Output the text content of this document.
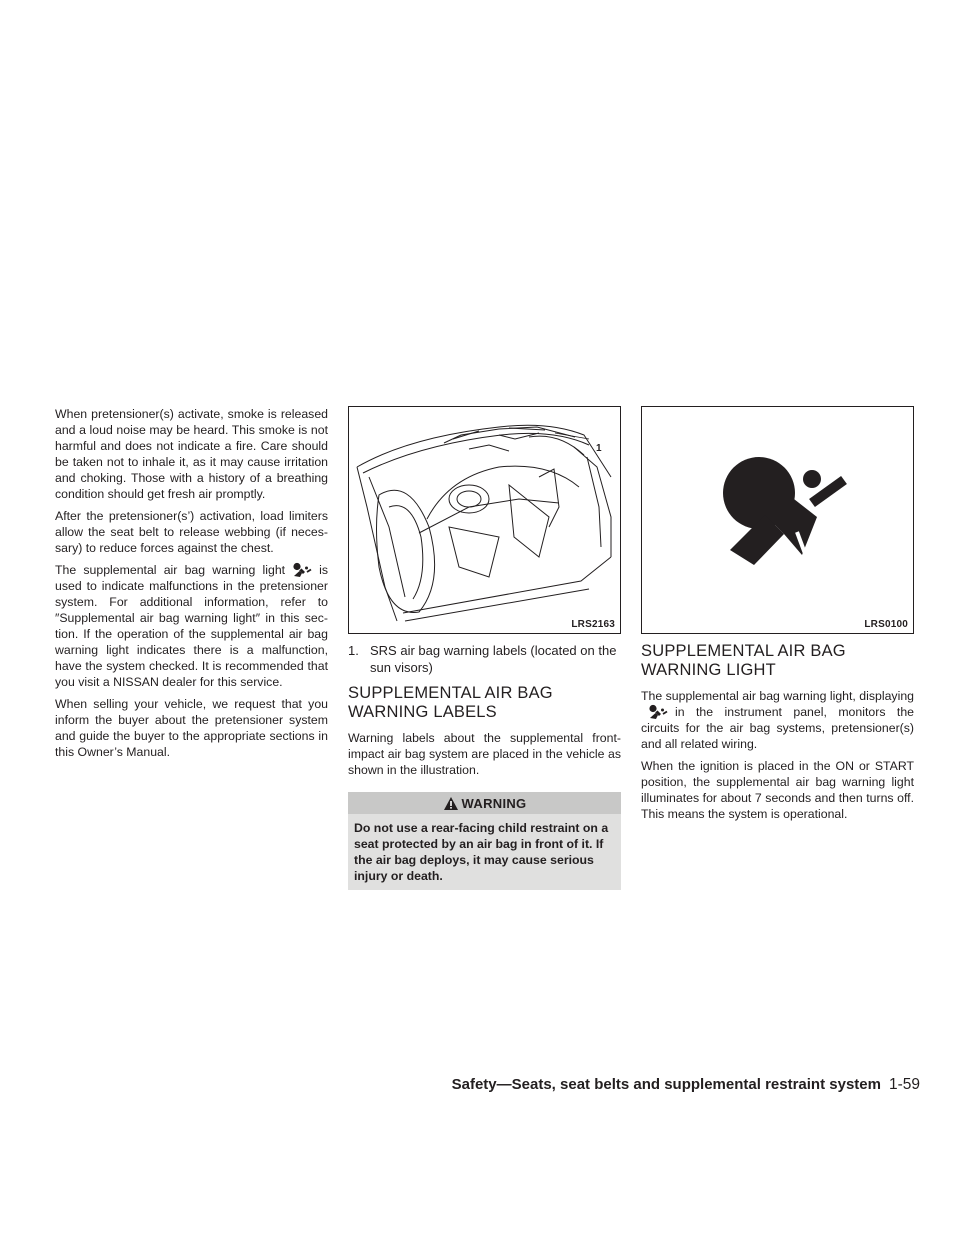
When pretensioner(s) activate, smoke is released and a loud noise may be heard. This smoke is not harmful and does not indicate a fire. Care should be taken not to inhale it, as it may cause irritation and choking. Those with a history of a breathing condition should get fresh air promptly.

After the pretensioner(s’) activation, load limiters allow the seat belt to release webbing (if necessary) to reduce forces against the chest.

The supplemental air bag warning light	is used to indicate malfunctions in the pretensioner system. For additional information, refer to ″Supplemental air bag warning light″ in this section. If the operation of the supplemental air bag warning light indicates there is a malfunction, have the system checked. It is recommended that you visit a NISSAN dealer for this service.

When selling your vehicle, we request that you inform the buyer about the pretensioner system and guide the buyer to the appropriate sections in this Owner’s Manual.

1
LRS2163
1. SRS air bag warning labels (located on the sun visors)
SUPPLEMENTAL AIR BAG WARNING LABELS

Warning labels about the supplemental front-impact air bag system are placed in the vehicle as shown in the illustration.

WARNING

Do not use a rear-facing child restraint on a seat protected by an air bag in front of it. If the air bag deploys, it may cause serious injury or death.

LRS0100
SUPPLEMENTAL AIR BAG WARNING LIGHT

The supplemental air bag warning light, displayingin the instrument panel, monitors the circuits for the air bag systems, pretensioner(s) and all related wiring.

When the ignition is placed in the ON or START position, the supplemental air bag warning light illuminates for about 7 seconds and then turns off. This means the system is operational.

Safety—Seats, seat belts and supplemental restraint system 1-59
